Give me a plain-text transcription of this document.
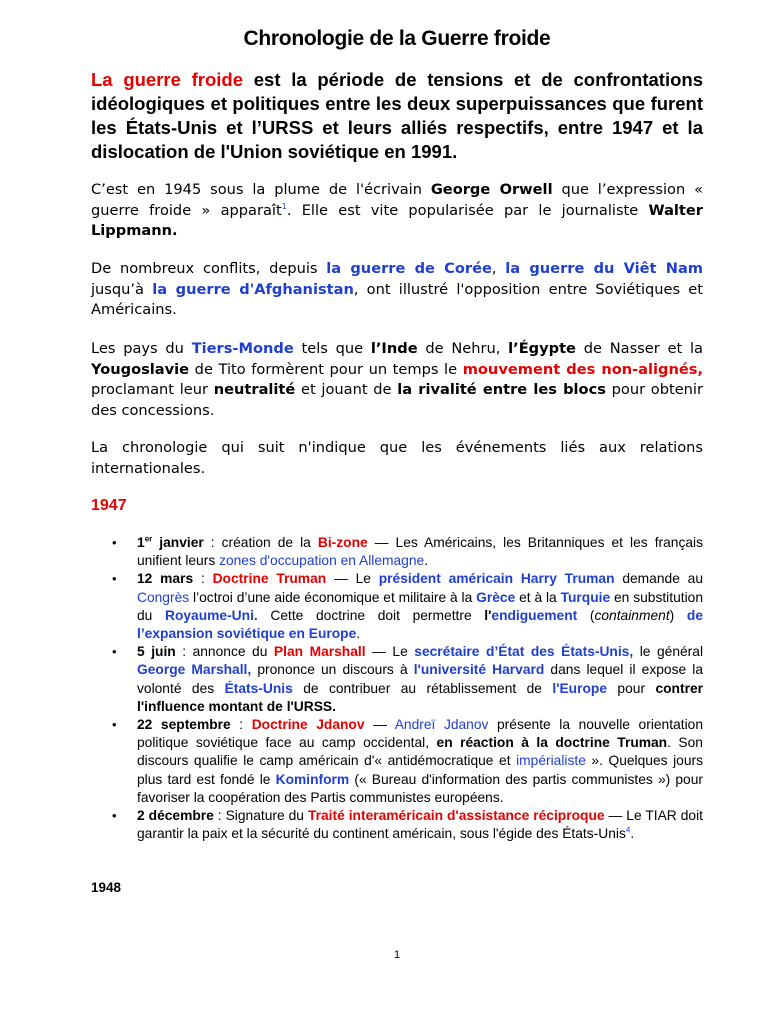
Chronologie de la Guerre froide
La guerre froide est la période de tensions et de confrontations idéologiques et politiques entre les deux superpuissances que furent les États-Unis et l’URSS et leurs alliés respectifs, entre 1947 et la dislocation de l'Union soviétique en 1991.
C’est en 1945 sous la plume de l'écrivain George Orwell que l’expression « guerre froide » apparaît$^1$. Elle est vite popularisée par le journaliste Walter Lippmann.
De nombreux conflits, depuis la guerre de Corée, la guerre du Viêt Nam jusqu’à la guerre d'Afghanistan, ont illustré l'opposition entre Soviétiques et Américains.
Les pays du Tiers-Monde tels que l’Inde de Nehru, l’Égypte de Nasser et la Yougoslavie de Tito formèrent pour un temps le mouvement des non-alignés, proclamant leur neutralité et jouant de la rivalité entre les blocs pour obtenir des concessions.
La chronologie qui suit n'indique que les événements liés aux relations internationales.
1947
• 1er janvier : création de la Bi-zone — Les Américains, les Britanniques et les français unifient leurs zones d'occupation en Allemagne.
• 12 mars : Doctrine Truman — Le président américain Harry Truman demande au Congrès l’octroi d’une aide économique et militaire à la Grèce et à la Turquie en substitution du Royaume-Uni. Cette doctrine doit permettre l'endiguement (containment) de l’expansion soviétique en Europe.
• 5 juin : annonce du Plan Marshall — Le secrétaire d’État des États-Unis, le général George Marshall, prononce un discours à l'université Harvard dans lequel il expose la volonté des États-Unis de contribuer au rétablissement de l'Europe pour contrer l'influence montant de l'URSS.
• 22 septembre : Doctrine Jdanov — Andreï Jdanov présente la nouvelle orientation politique soviétique face au camp occidental, en réaction à la doctrine Truman. Son discours qualifie le camp américain d'« antidémocratique et impérialiste ». Quelques jours plus tard est fondé le Kominform (« Bureau d'information des partis communistes ») pour favoriser la coopération des Partis communistes européens.
• 2 décembre : Signature du Traité interaméricain d'assistance réciproque — Le TIAR doit garantir la paix et la sécurité du continent américain, sous l'égide des États-Unis$^4$.
1948
1
